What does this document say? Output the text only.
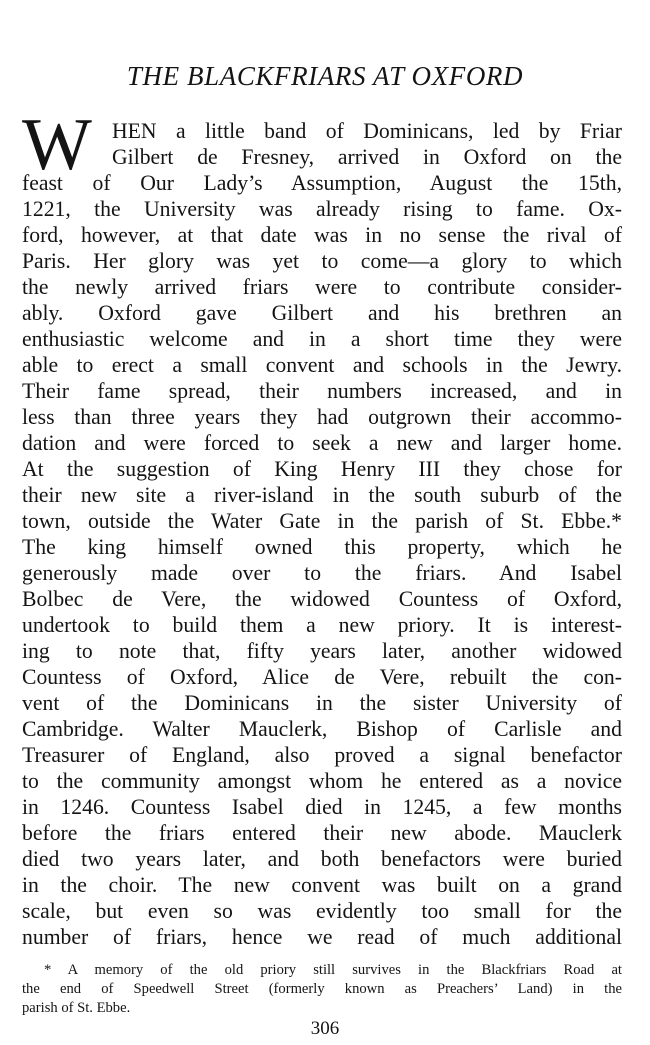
THE BLACKFRIARS AT OXFORD
W HEN a little band of Dominicans, led by Friar
Gilbert de Fresney, arrived in Oxford on the
feast of Our Lady’s Assumption, August the 15th,
1221, the University was already rising to fame. Ox-
ford, however, at that date was in no sense the rival of
Paris. Her glory was yet to come—a glory to which
the newly arrived friars were to contribute consider-
ably. Oxford gave Gilbert and his brethren an
enthusiastic welcome and in a short time they were
able to erect a small convent and schools in the Jewry.
Their fame spread, their numbers increased, and in
less than three years they had outgrown their accommo-
dation and were forced to seek a new and larger home.
At the suggestion of King Henry III they chose for
their new site a river-island in the south suburb of the
town, outside the Water Gate in the parish of St. Ebbe.*
The king himself owned this property, which he
generously made over to the friars. And Isabel
Bolbec de Vere, the widowed Countess of Oxford,
undertook to build them a new priory. It is interest-
ing to note that, fifty years later, another widowed
Countess of Oxford, Alice de Vere, rebuilt the con-
vent of the Dominicans in the sister University of
Cambridge. Walter Mauclerk, Bishop of Carlisle and
Treasurer of England, also proved a signal benefactor
to the community amongst whom he entered as a novice
in 1246. Countess Isabel died in 1245, a few months
before the friars entered their new abode. Mauclerk
died two years later, and both benefactors were buried
in the choir. The new convent was built on a grand
scale, but even so was evidently too small for the
number of friars, hence we read of much additional
* A memory of the old priory still survives in the Blackfriars Road at
the end of Speedwell Street (formerly known as Preachers’ Land) in the
parish of St. Ebbe.
306
